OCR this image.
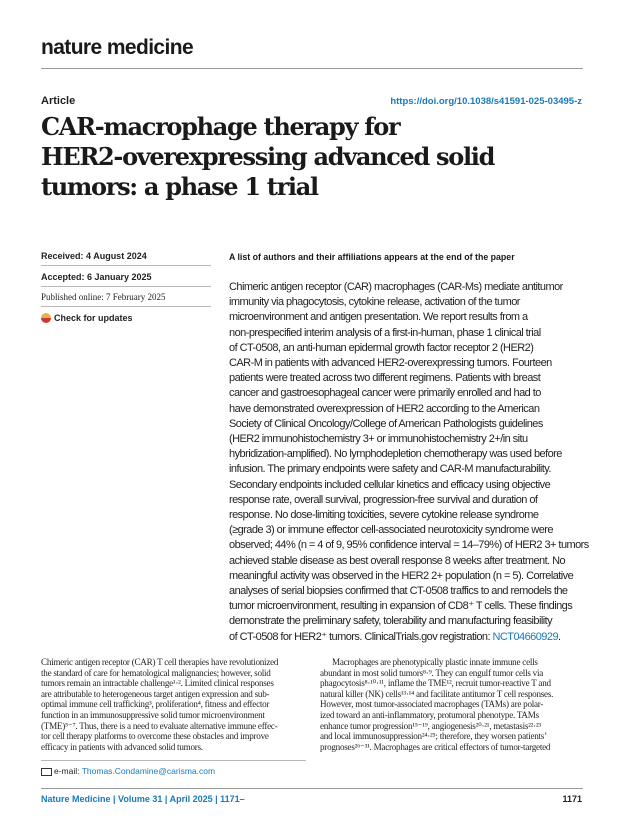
nature medicine
Article	https://doi.org/10.1038/s41591-025-03495-z
CAR-macrophage therapy for
HER2-overexpressing advanced solid
tumors: a phase 1 trial
Received: 4 August 2024
Accepted: 6 January 2025
Published online: 7 February 2025
Check for updates
A list of authors and their affiliations appears at the end of the paper
Chimeric antigen receptor (CAR) macrophages (CAR-Ms) mediate antitumor
immunity via phagocytosis, cytokine release, activation of the tumor
microenvironment and antigen presentation. We report results from a
non-prespecified interim analysis of a first-in-human, phase 1 clinical trial
of CT-0508, an anti-human epidermal growth factor receptor 2 (HER2)
CAR-M in patients with advanced HER2-overexpressing tumors. Fourteen
patients were treated across two different regimens. Patients with breast
cancer and gastroesophageal cancer were primarily enrolled and had to
have demonstrated overexpression of HER2 according to the American
Society of Clinical Oncology/College of American Pathologists guidelines
(HER2 immunohistochemistry 3+ or immunohistochemistry 2+/in situ
hybridization-amplified). No lymphodepletion chemotherapy was used before
infusion. The primary endpoints were safety and CAR-M manufacturability.
Secondary endpoints included cellular kinetics and efficacy using objective
response rate, overall survival, progression-free survival and duration of
response. No dose-limiting toxicities, severe cytokine release syndrome
(≥grade 3) or immune effector cell-associated neurotoxicity syndrome were
observed; 44% (n = 4 of 9, 95% confidence interval = 14–79%) of HER2 3+ tumors
achieved stable disease as best overall response 8 weeks after treatment. No
meaningful activity was observed in the HER2 2+ population (n = 5). Correlative
analyses of serial biopsies confirmed that CT-0508 traffics to and remodels the
tumor microenvironment, resulting in expansion of CD8⁺ T cells. These findings
demonstrate the preliminary safety, tolerability and manufacturing feasibility
of CT-0508 for HER2⁺ tumors. ClinicalTrials.gov registration: NCT04660929.
Chimeric antigen receptor (CAR) T cell therapies have revolutionized
the standard of care for hematological malignancies; however, solid
tumors remain an intractable challenge¹·². Limited clinical responses
are attributable to heterogeneous target antigen expression and sub-
optimal immune cell trafficking³, proliferation⁴, fitness and effector
function in an immunosuppressive solid tumor microenvironment
(TME)⁵⁻⁷. Thus, there is a need to evaluate alternative immune effec-
tor cell therapy platforms to overcome these obstacles and improve
efficacy in patients with advanced solid tumors.
Macrophages are phenotypically plastic innate immune cells
abundant in most solid tumors⁸·⁹. They can engulf tumor cells via
phagocytosis⁸·¹⁰·¹¹, inflame the TME¹², recruit tumor-reactive T and
natural killer (NK) cells¹³·¹⁴ and facilitate antitumor T cell responses.
However, most tumor-associated macrophages (TAMs) are polar-
ized toward an anti-inflammatory, protumoral phenotype. TAMs
enhance tumor progression¹⁵⁻¹⁹, angiogenesis²⁰·²¹, metastasis²²·²³
and local immunosuppression²⁴·²⁵; therefore, they worsen patients’
prognoses²⁶⁻³¹. Macrophages are critical effectors of tumor-targeted
e-mail: Thomas.Condamine@carisma.com
Nature Medicine | Volume 31 | April 2025 | 1171–	1171
